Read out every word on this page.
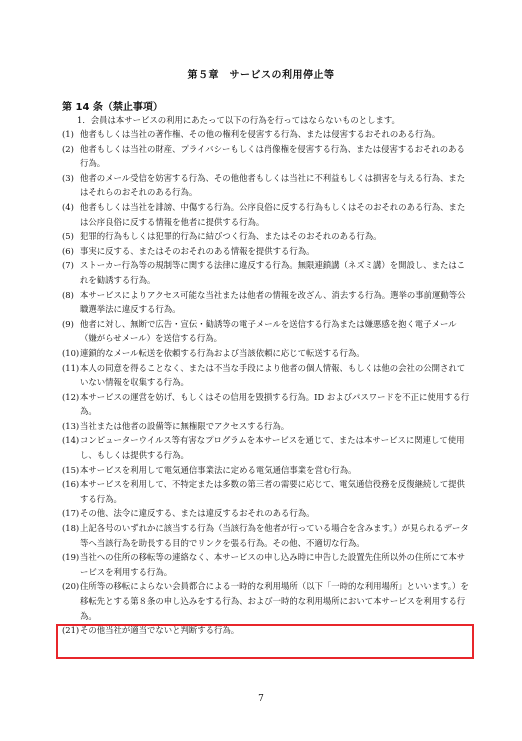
第５章　サービスの利用停止等
第 14 条（禁止事項）
1．会員は本サービスの利用にあたって以下の行為を行ってはならないものとします。

(1) 他者もしくは当社の著作権、その他の権利を侵害する行為、または侵害するおそれのある行為。

(2) 他者もしくは当社の財産、プライバシーもしくは肖像権を侵害する行為、または侵害するおそれのある行為。

(3) 他者のメール受信を妨害する行為、その他他者もしくは当社に不利益もしくは損害を与える行為、またはそれらのおそれのある行為。

(4) 他者もしくは当社を誹謗、中傷する行為。公序良俗に反する行為もしくはそのおそれのある行為、または公序良俗に反する情報を他者に提供する行為。

(5) 犯罪的行為もしくは犯罪的行為に結びつく行為、またはそのおそれのある行為。

(6) 事実に反する、またはそのおそれのある情報を提供する行為。

(7) ストーカー行為等の規制等に関する法律に違反する行為。無限連鎖講（ネズミ講）を開設し、またはこれを勧誘する行為。

(8) 本サービスによりアクセス可能な当社または他者の情報を改ざん、消去する行為。選挙の事前運動等公職選挙法に違反する行為。

(9) 他者に対し、無断で広告・宣伝・勧誘等の電子メールを送信する行為または嫌悪感を抱く電子メール（嫌がらせメール）を送信する行為。

(10)連鎖的なメール転送を依頼する行為および当該依頼に応じて転送する行為。

(11)本人の同意を得ることなく、または不当な手段により他者の個人情報、もしくは他の会社の公開されていない情報を収集する行為。

(12)本サービスの運営を妨げ、もしくはその信用を毀損する行為。ID およびパスワードを不正に使用する行為。

(13)当社または他者の設備等に無権限でアクセスする行為。

(14)コンピューターウイルス等有害なプログラムを本サービスを通じて、または本サービスに関連して使用し、もしくは提供する行為。

(15)本サービスを利用して電気通信事業法に定める電気通信事業を営む行為。

(16)本サービスを利用して、不特定または多数の第三者の需要に応じて、電気通信役務を反復継続して提供する行為。

(17)その他、法令に違反する、または違反するおそれのある行為。

(18)上記各号のいずれかに該当する行為（当該行為を他者が行っている場合を含みます。）が見られるデータ等へ当該行為を助長する目的でリンクを張る行為。その他、不適切な行為。

(19)当社への住所の移転等の連絡なく、本サービスの申し込み時に申告した設置先住所以外の住所にて本サービスを利用する行為。

(20)住所等の移転によらない会員都合による一時的な利用場所（以下「一時的な利用場所」といいます。）を移転先とする第８条の申し込みをする行為、および一時的な利用場所において本サービスを利用する行為。

(21)その他当社が適当でないと判断する行為。

7
